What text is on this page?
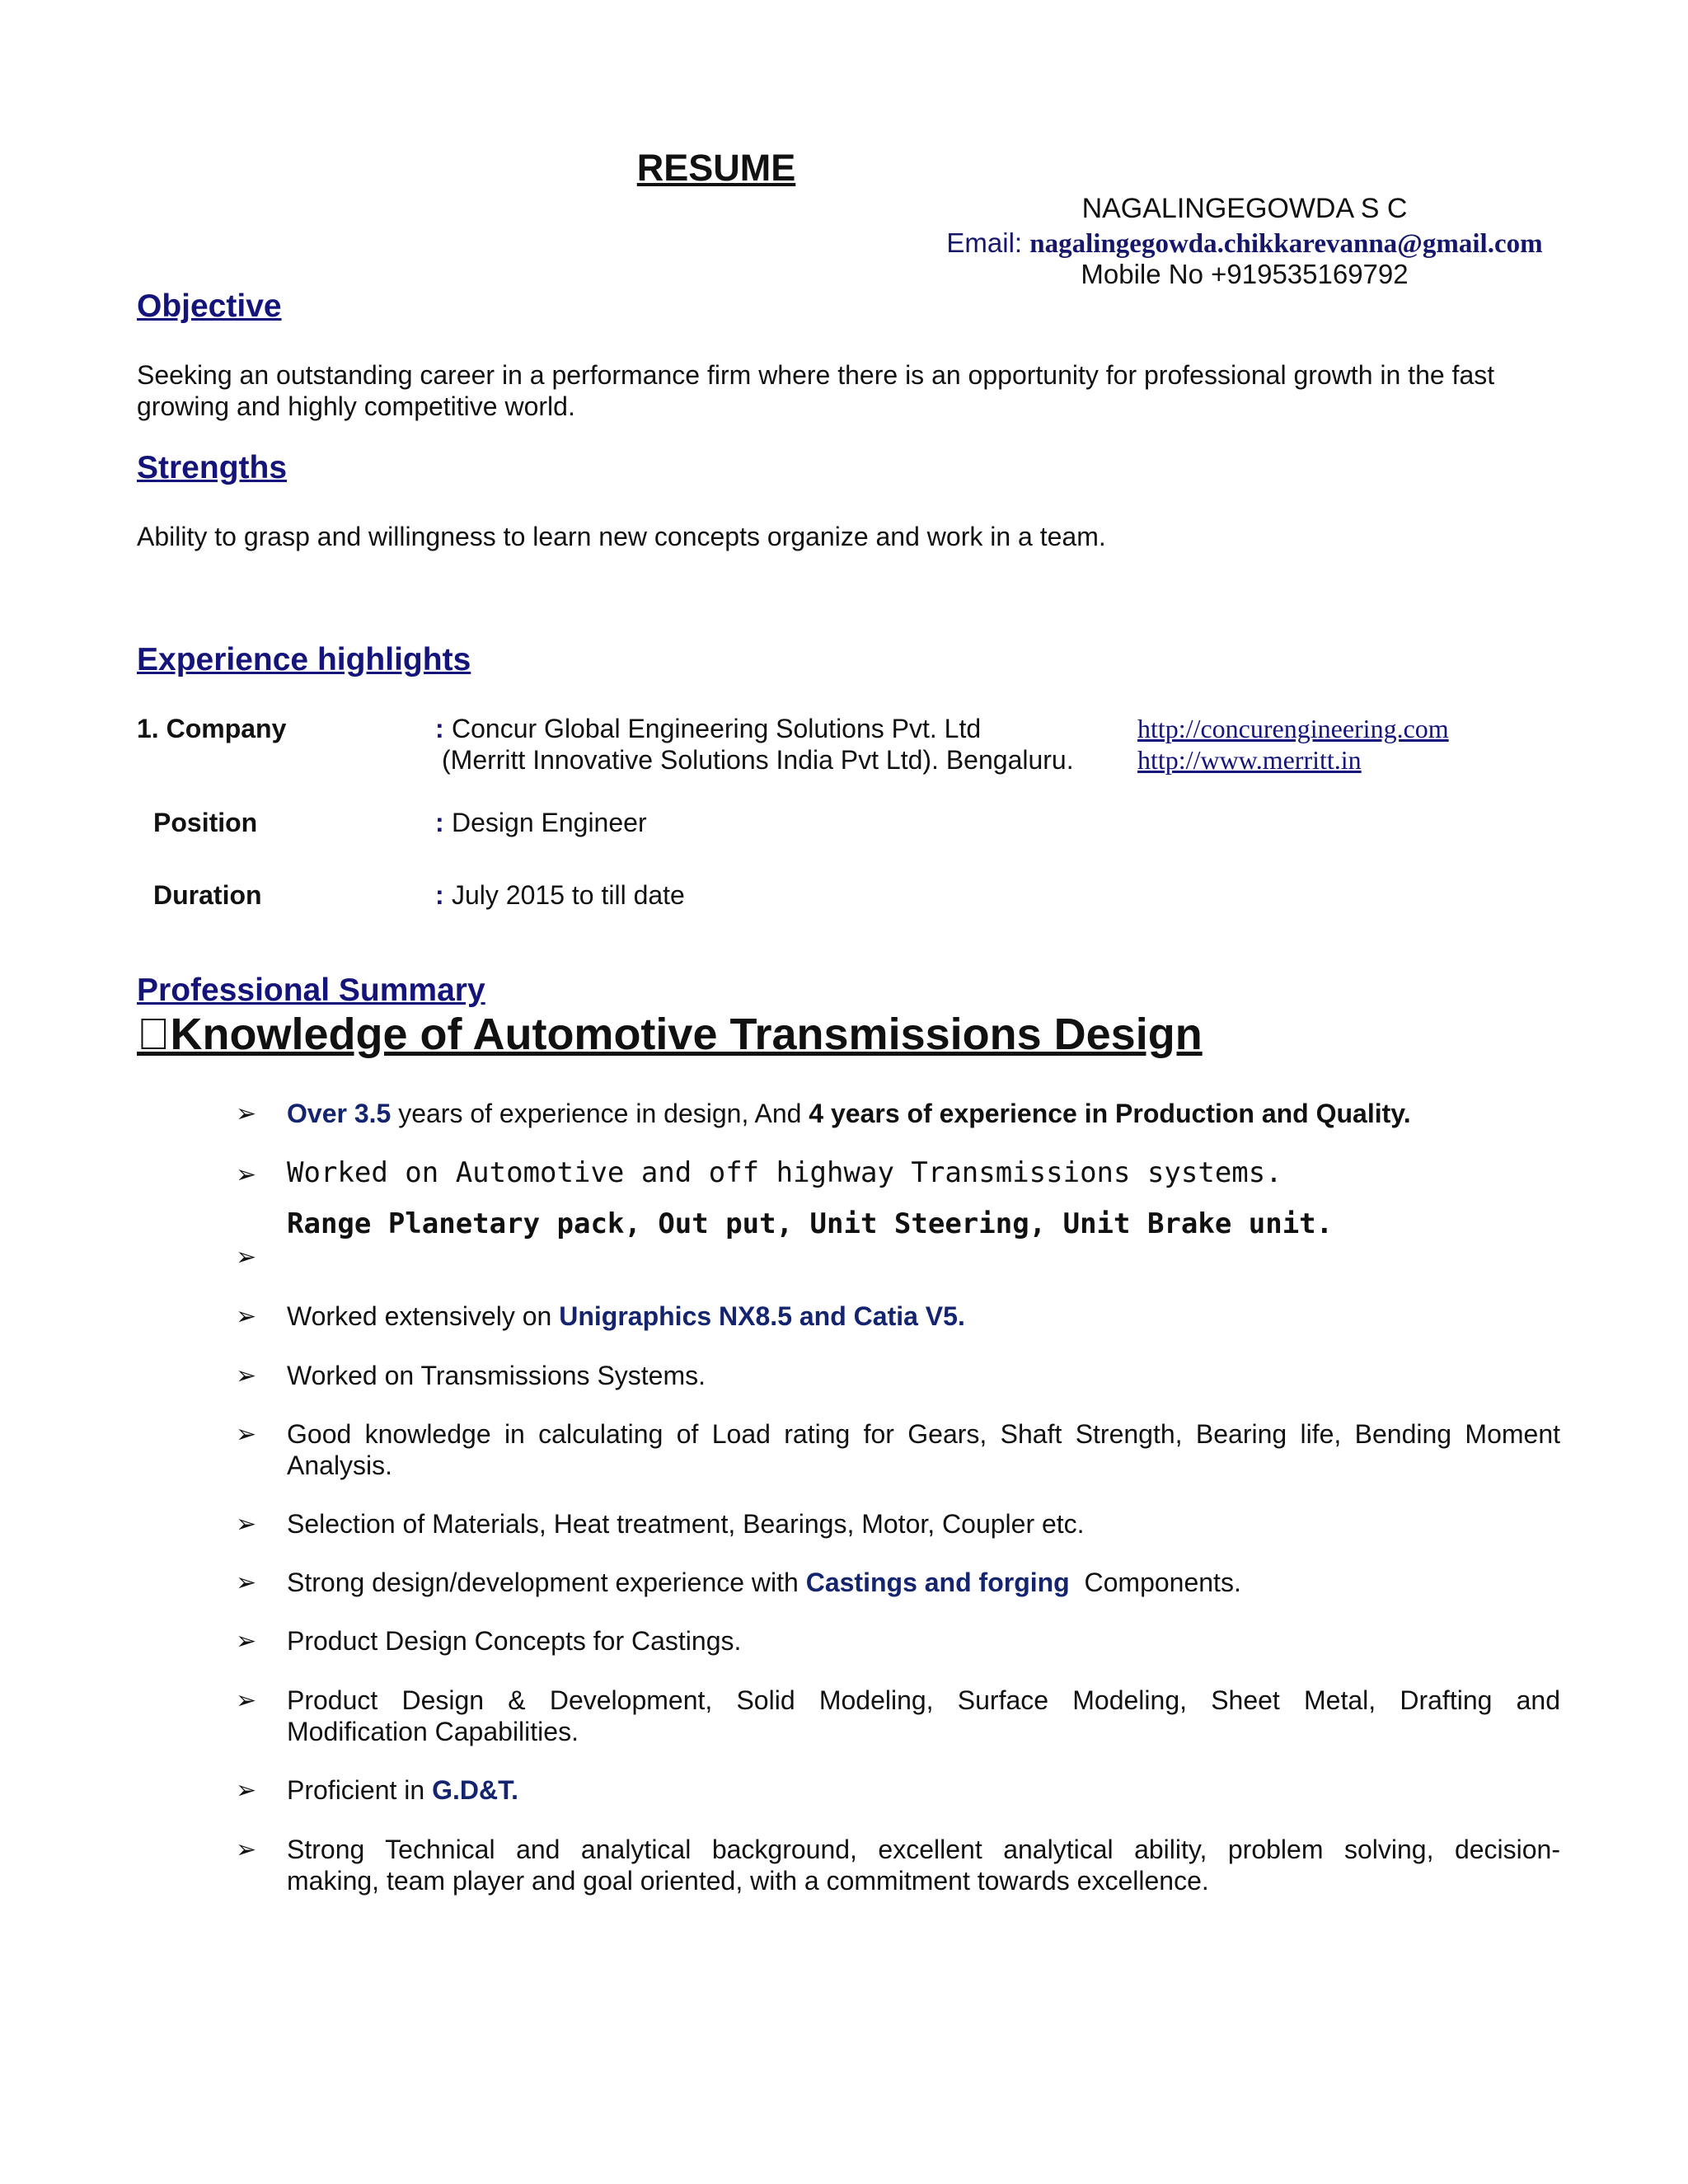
RESUME
NAGALINGEGOWDA S C
Email: nagalingegowda.chikkarevanna@gmail.com
Mobile No +919535169792
Objective
Seeking an outstanding career in a performance firm where there is an opportunity for professional growth in the fast
growing and highly competitive world.
Strengths
Ability to grasp and willingness to learn new concepts organize and work in a team.
Experience highlights
1. Company	: Concur Global Engineering Solutions Pvt. Ltd
(Merritt Innovative Solutions India Pvt Ltd). Bengaluru.
http://concurengineering.com
http://www.merritt.in
Position	: Design Engineer
Duration	: July 2015 to till date
Professional Summary
Knowledge of Automotive Transmissions Design
➢ Over 3.5 years of experience in design, And 4 years of experience in Production and Quality.
➢ Worked on Automotive and off highway Transmissions systems.
Range Planetary pack, Out put, Unit Steering, Unit Brake unit.
➢
➢ Worked extensively on Unigraphics NX8.5 and Catia V5.
➢ Worked on Transmissions Systems.
➢ Good knowledge in calculating of Load rating for Gears, Shaft Strength, Bearing life, Bending Moment
Analysis.
➢ Selection of Materials, Heat treatment, Bearings, Motor, Coupler etc.
➢ Strong design/development experience with Castings and forging  Components.
➢ Product Design Concepts for Castings.
➢ Product Design & Development, Solid Modeling, Surface Modeling, Sheet Metal, Drafting and
Modification Capabilities.
➢ Proficient in G.D&T.
➢ Strong Technical and analytical background, excellent analytical ability, problem solving, decision-
making, team player and goal oriented, with a commitment towards excellence.
